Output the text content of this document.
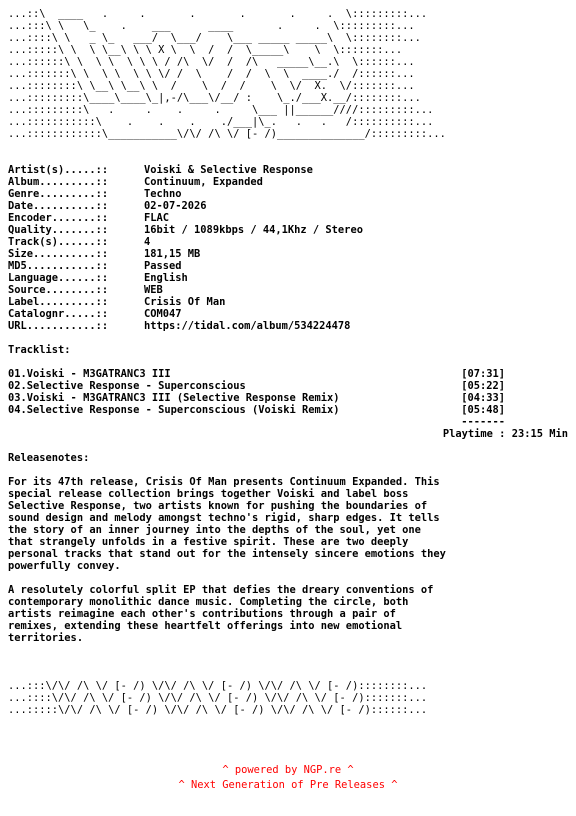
...::\  ____   .     .       .       .       .     .  \:::::::::...
...:::\ \   \_    .    ___      ____       .     .  \:::::::::...
...::::\ \   _ \_   ___/  \___/    \___ _____ _____\  \::::::::...
...:::::\ \  \ \__\ \ \ X \  \  /  /  \_____\    \  \:::::::...
...::::::\ \  \ \  \ \ \ / /\  \/  /  /\   _____\__.\  \::::::...
...:::::::\ \  \ \  \ \ \/ /  \    /  /  \  \  ____./  /::::::...
...::::::::\ \__\ \__\ \  /    \  /  /    \  \/  X.  \/:::::::...
...:::::::::\____\____\_|,-/\___\/__/ :    \_./___X.__/::::::::...
...:::::::::\   .     .    .     .     \___ ||______////:::::::::...
...:::::::::::\    .    .    .    ./___|\_.   .   .   /::::::::::...
...::::::::::::\___________\/\/ /\ \/ [- /)______________/:::::::::...
Artist(s).....::	Voiski & Selective Response
Album.........::	Continuum, Expanded
Genre.........::	Techno
Date..........::	02-07-2026
Encoder.......::	FLAC
Quality.......::	16bit / 1089kbps / 44,1Khz / Stereo
Track(s)......::	4
Size..........::	181,15 MB
MD5...........::	Passed
Language......::	English
Source........::	WEB
Label.........::	Crisis Of Man
Catalognr.....::	COM047
URL...........::	https://tidal.com/album/534224478
Tracklist:
01.Voiski - M3GATRANC3 III	[07:31]
02.Selective Response - Superconscious	[05:22]
03.Voiski - M3GATRANC3 III (Selective Response Remix)	[04:33]
04.Selective Response - Superconscious (Voiski Remix)	[05:48]
-------
Playtime : 23:15 Min
Releasenotes:
For its 47th release, Crisis Of Man presents Continuum Expanded. This
special release collection brings together Voiski and label boss
Selective Response, two artists known for pushing the boundaries of
sound design and melody amongst techno's rigid, sharp edges. It tells
the story of an inner journey into the depths of the soul, yet one
that strangely unfolds in a festive spirit. These are two deeply
personal tracks that stand out for the intensely sincere emotions they
powerfully convey.
A resolutely colorful split EP that defies the dreary conventions of
contemporary monolithic dance music. Completing the circle, both
artists reimagine each other's contributions through a pair of
remixes, extending these heartfelt offerings into new emotional
territories.
...:::\/\/ /\ \/ [- /) \/\/ /\ \/ [- /) \/\/ /\ \/ [- /)::::::::...
...::::\/\/ /\ \/ [- /) \/\/ /\ \/ [- /) \/\/ /\ \/ [- /):::::::...
...:::::\/\/ /\ \/ [- /) \/\/ /\ \/ [- /) \/\/ /\ \/ [- /)::::::...
^ powered by NGP.re ^
^ Next Generation of Pre Releases ^
